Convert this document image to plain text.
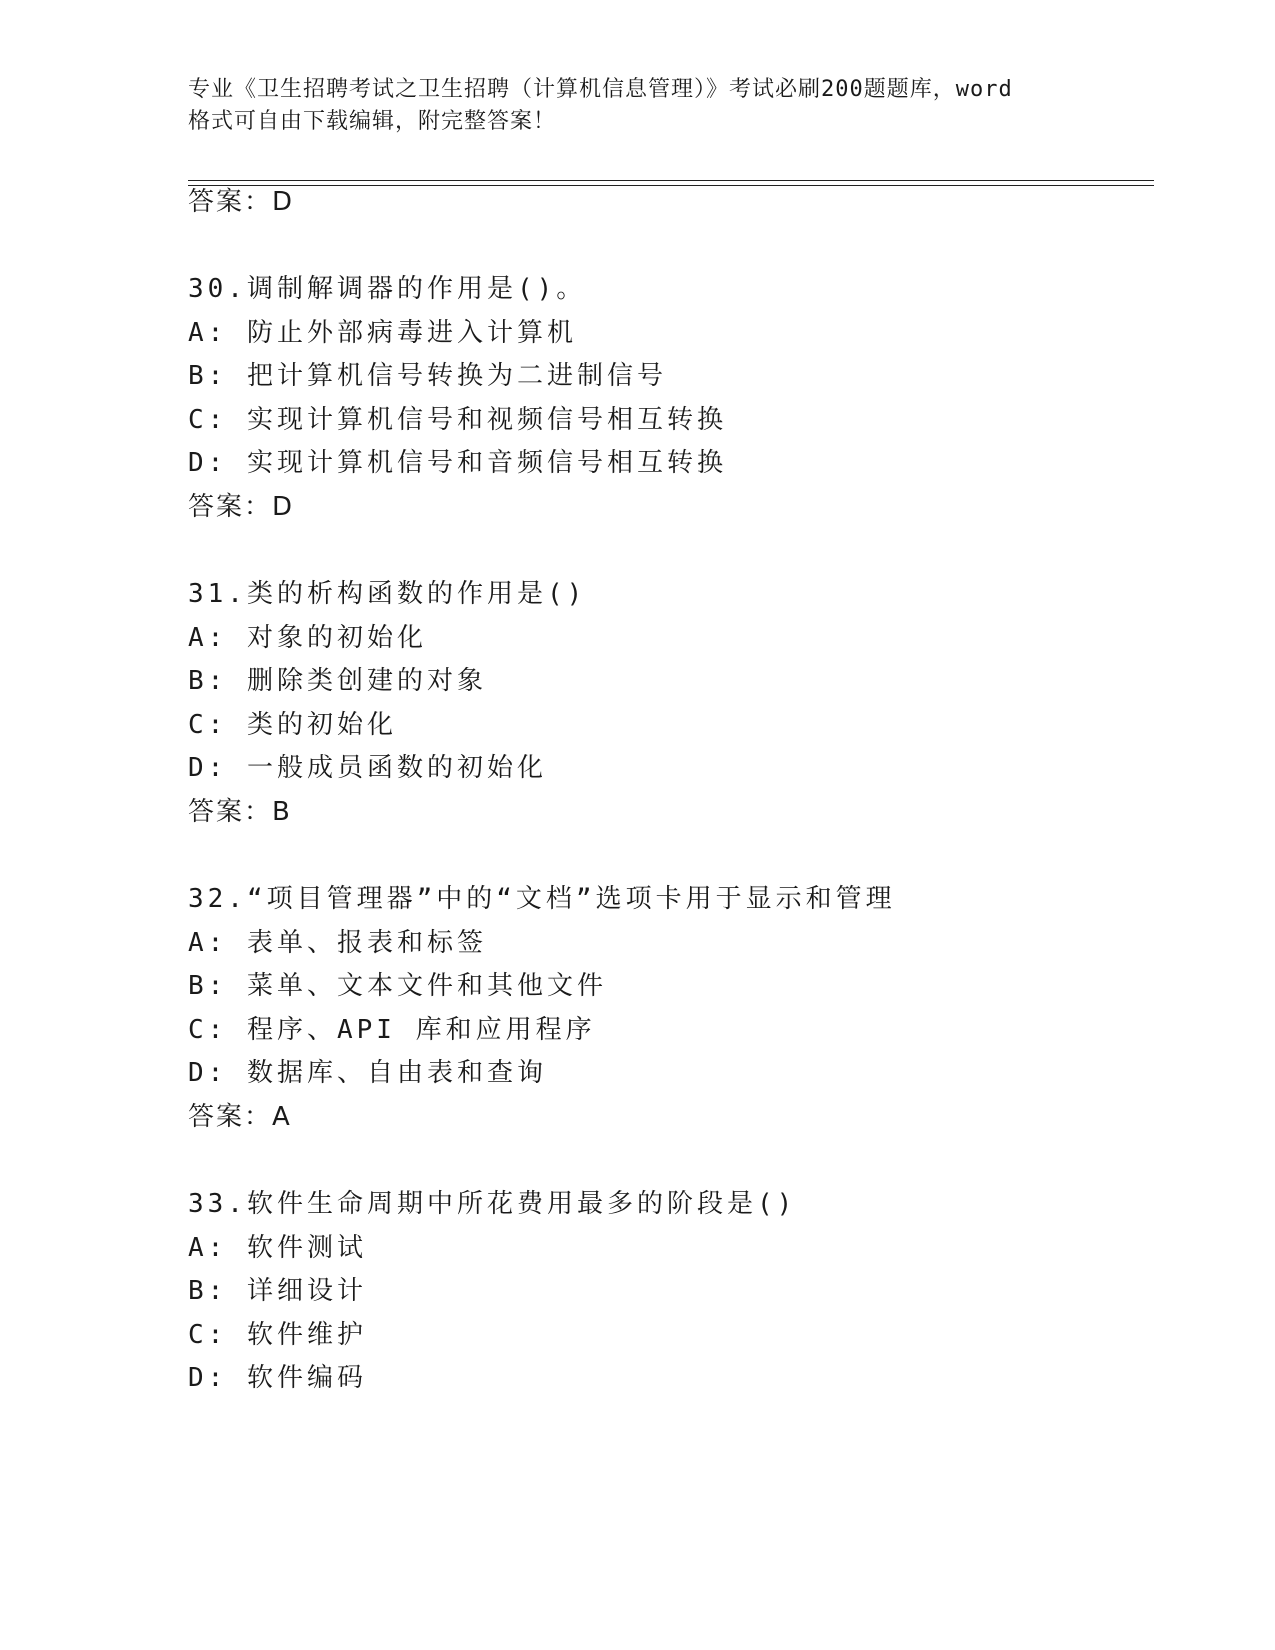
专业《卫生招聘考试之卫生招聘（计算机信息管理）》考试必刷200题题库，word
格式可自由下载编辑，附完整答案！
答案：D
30.调制解调器的作用是()。
A: 防止外部病毒进入计算机
B: 把计算机信号转换为二进制信号
C: 实现计算机信号和视频信号相互转换
D: 实现计算机信号和音频信号相互转换
答案：D
31.类的析构函数的作用是()
A: 对象的初始化
B: 删除类创建的对象
C: 类的初始化
D: 一般成员函数的初始化
答案：B
32.“项目管理器”中的“文档”选项卡用于显示和管理
A: 表单、报表和标签
B: 菜单、文本文件和其他文件
C: 程序、API 库和应用程序
D: 数据库、自由表和查询
答案：A
33.软件生命周期中所花费用最多的阶段是()
A: 软件测试
B: 详细设计
C: 软件维护
D: 软件编码
